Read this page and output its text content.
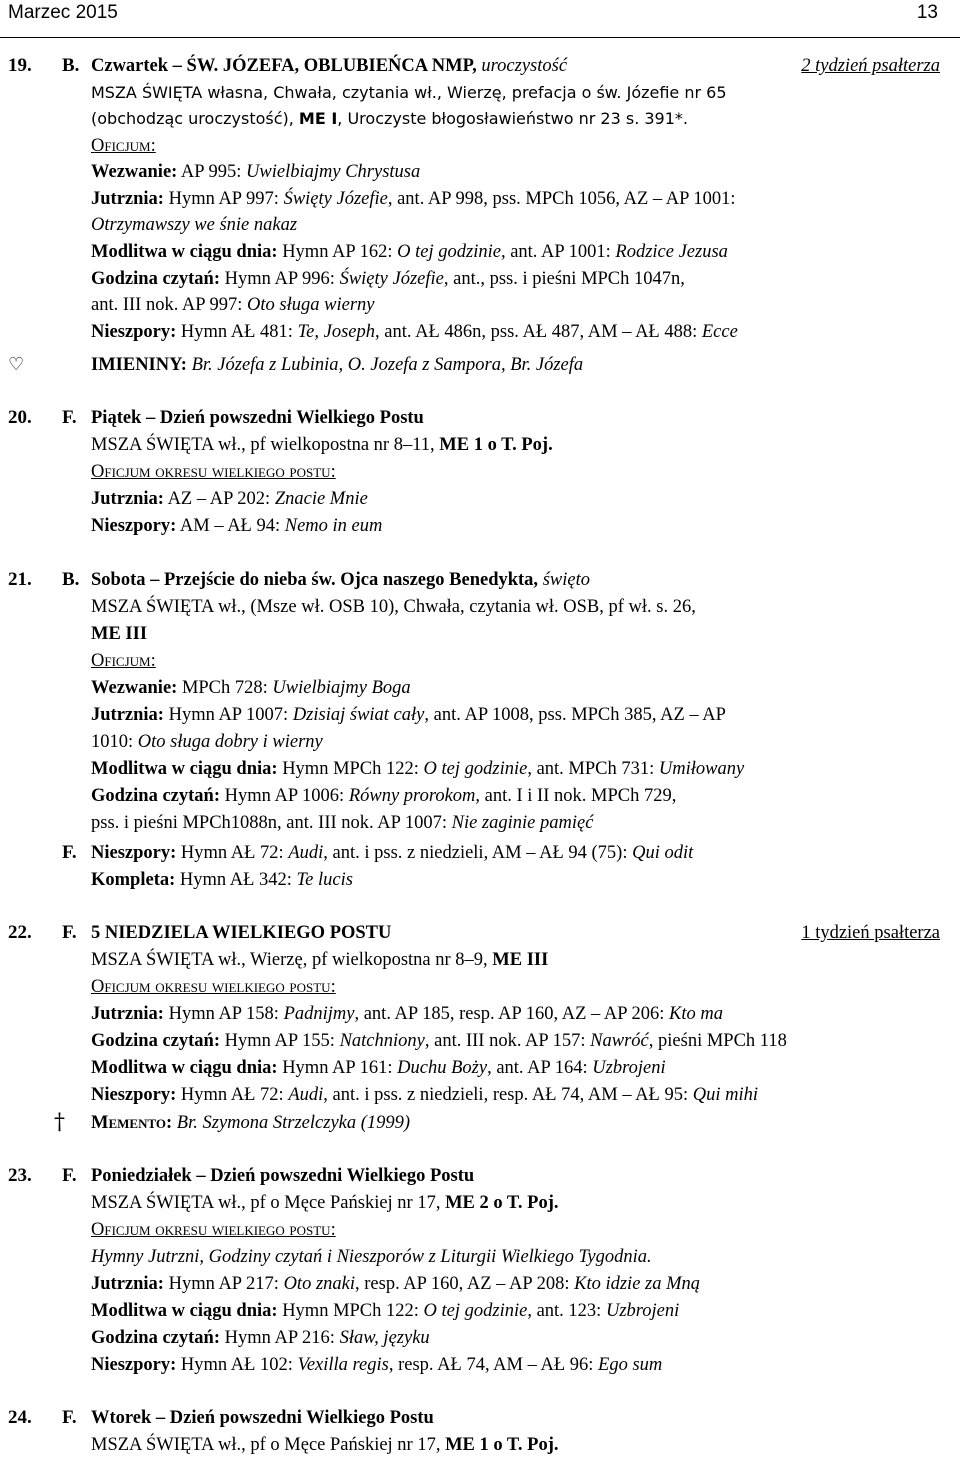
Marzec 2015	13
19. B. Czwartek – ŚW. JÓZEFA, OBLUBIEŃCA NMP, uroczystość	2 tydzień psałterza
MSZA ŚWIĘTA własna, Chwała, czytania wł., Wierzę, prefacja o św. Józefie nr 65
(obchodząc uroczystość), ME I, Uroczyste błogosławieństwo nr 23 s. 391*.
Oficjum:
Wezwanie: AP 995: Uwielbiajmy Chrystusa
Jutrznia: Hymn AP 997: Święty Józefie, ant. AP 998, pss. MPCh 1056, AZ – AP 1001:
Otrzymawszy we śnie nakaz
Modlitwa w ciągu dnia: Hymn AP 162: O tej godzinie, ant. AP 1001: Rodzice Jezusa
Godzina czytań: Hymn AP 996: Święty Józefie, ant., pss. i pieśni MPCh 1047n,
ant. III nok. AP 997: Oto sługa wierny
Nieszpory: Hymn AŁ 481: Te, Joseph, ant. AŁ 486n, pss. AŁ 487, AM – AŁ 488: Ecce
♡	IMIENINY: Br. Józefa z Lubinia, O. Jozefa z Sampora, Br. Józefa
20. F. Piątek – Dzień powszedni Wielkiego Postu
MSZA ŚWIĘTA wł., pf wielkopostna nr 8–11, ME 1 o T. Poj.
Oficjum okresu wielkiego postu:
Jutrznia: AZ – AP 202: Znacie Mnie
Nieszpory: AM – AŁ 94: Nemo in eum
21. B. Sobota – Przejście do nieba św. Ojca naszego Benedykta, święto
MSZA ŚWIĘTA wł., (Msze wł. OSB 10), Chwała, czytania wł. OSB, pf wł. s. 26,
ME III
Oficjum:
Wezwanie: MPCh 728: Uwielbiajmy Boga
Jutrznia: Hymn AP 1007: Dzisiaj świat cały, ant. AP 1008, pss. MPCh 385, AZ – AP
1010: Oto sługa dobry i wierny
Modlitwa w ciągu dnia: Hymn MPCh 122: O tej godzinie, ant. MPCh 731: Umiłowany
Godzina czytań: Hymn AP 1006: Równy prorokom, ant. I i II nok. MPCh 729,
pss. i pieśni MPCh1088n, ant. III nok. AP 1007: Nie zaginie pamięć
F. Nieszpory: Hymn AŁ 72: Audi, ant. i pss. z niedzieli, AM – AŁ 94 (75): Qui odit
Kompleta: Hymn AŁ 342: Te lucis
22. F. 5 NIEDZIELA WIELKIEGO POSTU	1 tydzień psałterza
MSZA ŚWIĘTA wł., Wierzę, pf wielkopostna nr 8–9, ME III
Oficjum okresu wielkiego postu:
Jutrznia: Hymn AP 158: Padnijmy, ant. AP 185, resp. AP 160, AZ – AP 206: Kto ma
Godzina czytań: Hymn AP 155: Natchniony, ant. III nok. AP 157: Nawróć, pieśni MPCh 118
Modlitwa w ciągu dnia: Hymn AP 161: Duchu Boży, ant. AP 164: Uzbrojeni
Nieszpory: Hymn AŁ 72: Audi, ant. i pss. z niedzieli, resp. AŁ 74, AM – AŁ 95: Qui mihi
† Memento: Br. Szymona Strzelczyka (1999)
23. F. Poniedziałek – Dzień powszedni Wielkiego Postu
MSZA ŚWIĘTA wł., pf o Męce Pańskiej nr 17, ME 2 o T. Poj.
Oficjum okresu wielkiego postu:
Hymny Jutrzni, Godziny czytań i Nieszporów z Liturgii Wielkiego Tygodnia.
Jutrznia: Hymn AP 217: Oto znaki, resp. AP 160, AZ – AP 208: Kto idzie za Mną
Modlitwa w ciągu dnia: Hymn MPCh 122: O tej godzinie, ant. 123: Uzbrojeni
Godzina czytań: Hymn AP 216: Sław, języku
Nieszpory: Hymn AŁ 102: Vexilla regis, resp. AŁ 74, AM – AŁ 96: Ego sum
24. F. Wtorek – Dzień powszedni Wielkiego Postu
MSZA ŚWIĘTA wł., pf o Męce Pańskiej nr 17, ME 1 o T. Poj.
